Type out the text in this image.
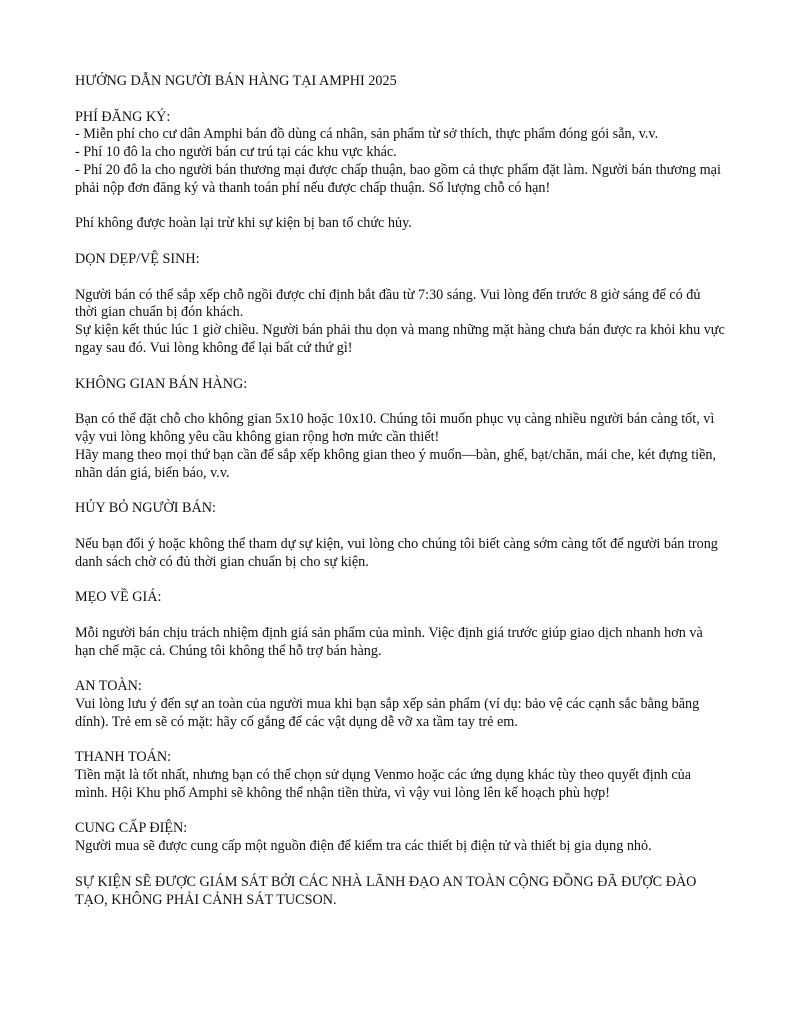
HƯỚNG DẪN NGƯỜI BÁN HÀNG TẠI AMPHI 2025

PHÍ ĐĂNG KÝ:

- Miễn phí cho cư dân Amphi bán đồ dùng cá nhân, sản phẩm từ sở thích, thực phẩm đóng gói sẵn, v.v.

- Phí 10 đô la cho người bán cư trú tại các khu vực khác.

- Phí 20 đô la cho người bán thương mại được chấp thuận, bao gồm cả thực phẩm đặt làm. Người bán thương mại phải nộp đơn đăng ký và thanh toán phí nếu được chấp thuận. Số lượng chỗ có hạn!

Phí không được hoàn lại trừ khi sự kiện bị ban tổ chức hủy.

DỌN DẸP/VỆ SINH:

Người bán có thể sắp xếp chỗ ngồi được chỉ định bắt đầu từ 7:30 sáng. Vui lòng đến trước 8 giờ sáng để có đủ thời gian chuẩn bị đón khách.

Sự kiện kết thúc lúc 1 giờ chiều. Người bán phải thu dọn và mang những mặt hàng chưa bán được ra khỏi khu vực ngay sau đó. Vui lòng không để lại bất cứ thứ gì!

KHÔNG GIAN BÁN HÀNG:

Bạn có thể đặt chỗ cho không gian 5x10 hoặc 10x10. Chúng tôi muốn phục vụ càng nhiều người bán càng tốt, vì vậy vui lòng không yêu cầu không gian rộng hơn mức cần thiết!

Hãy mang theo mọi thứ bạn cần để sắp xếp không gian theo ý muốn—bàn, ghế, bạt/chăn, mái che, két đựng tiền, nhãn dán giá, biển báo, v.v.

HỦY BỎ NGƯỜI BÁN:

Nếu bạn đổi ý hoặc không thể tham dự sự kiện, vui lòng cho chúng tôi biết càng sớm càng tốt để người bán trong danh sách chờ có đủ thời gian chuẩn bị cho sự kiện.

MẸO VỀ GIÁ:

Mỗi người bán chịu trách nhiệm định giá sản phẩm của mình. Việc định giá trước giúp giao dịch nhanh hơn và hạn chế mặc cả. Chúng tôi không thể hỗ trợ bán hàng.

AN TOÀN:

Vui lòng lưu ý đến sự an toàn của người mua khi bạn sắp xếp sản phẩm (ví dụ: bảo vệ các cạnh sắc bằng băng dính). Trẻ em sẽ có mặt: hãy cố gắng để các vật dụng dễ vỡ xa tầm tay trẻ em.

THANH TOÁN:

Tiền mặt là tốt nhất, nhưng bạn có thể chọn sử dụng Venmo hoặc các ứng dụng khác tùy theo quyết định của mình. Hội Khu phố Amphi sẽ không thể nhận tiền thừa, vì vậy vui lòng lên kế hoạch phù hợp!

CUNG CẤP ĐIỆN:

Người mua sẽ được cung cấp một nguồn điện để kiểm tra các thiết bị điện tử và thiết bị gia dụng nhỏ.

SỰ KIỆN SẼ ĐƯỢC GIÁM SÁT BỞI CÁC NHÀ LÃNH ĐẠO AN TOÀN CỘNG ĐỒNG ĐÃ ĐƯỢC ĐÀO TẠO, KHÔNG PHẢI CẢNH SÁT TUCSON.
